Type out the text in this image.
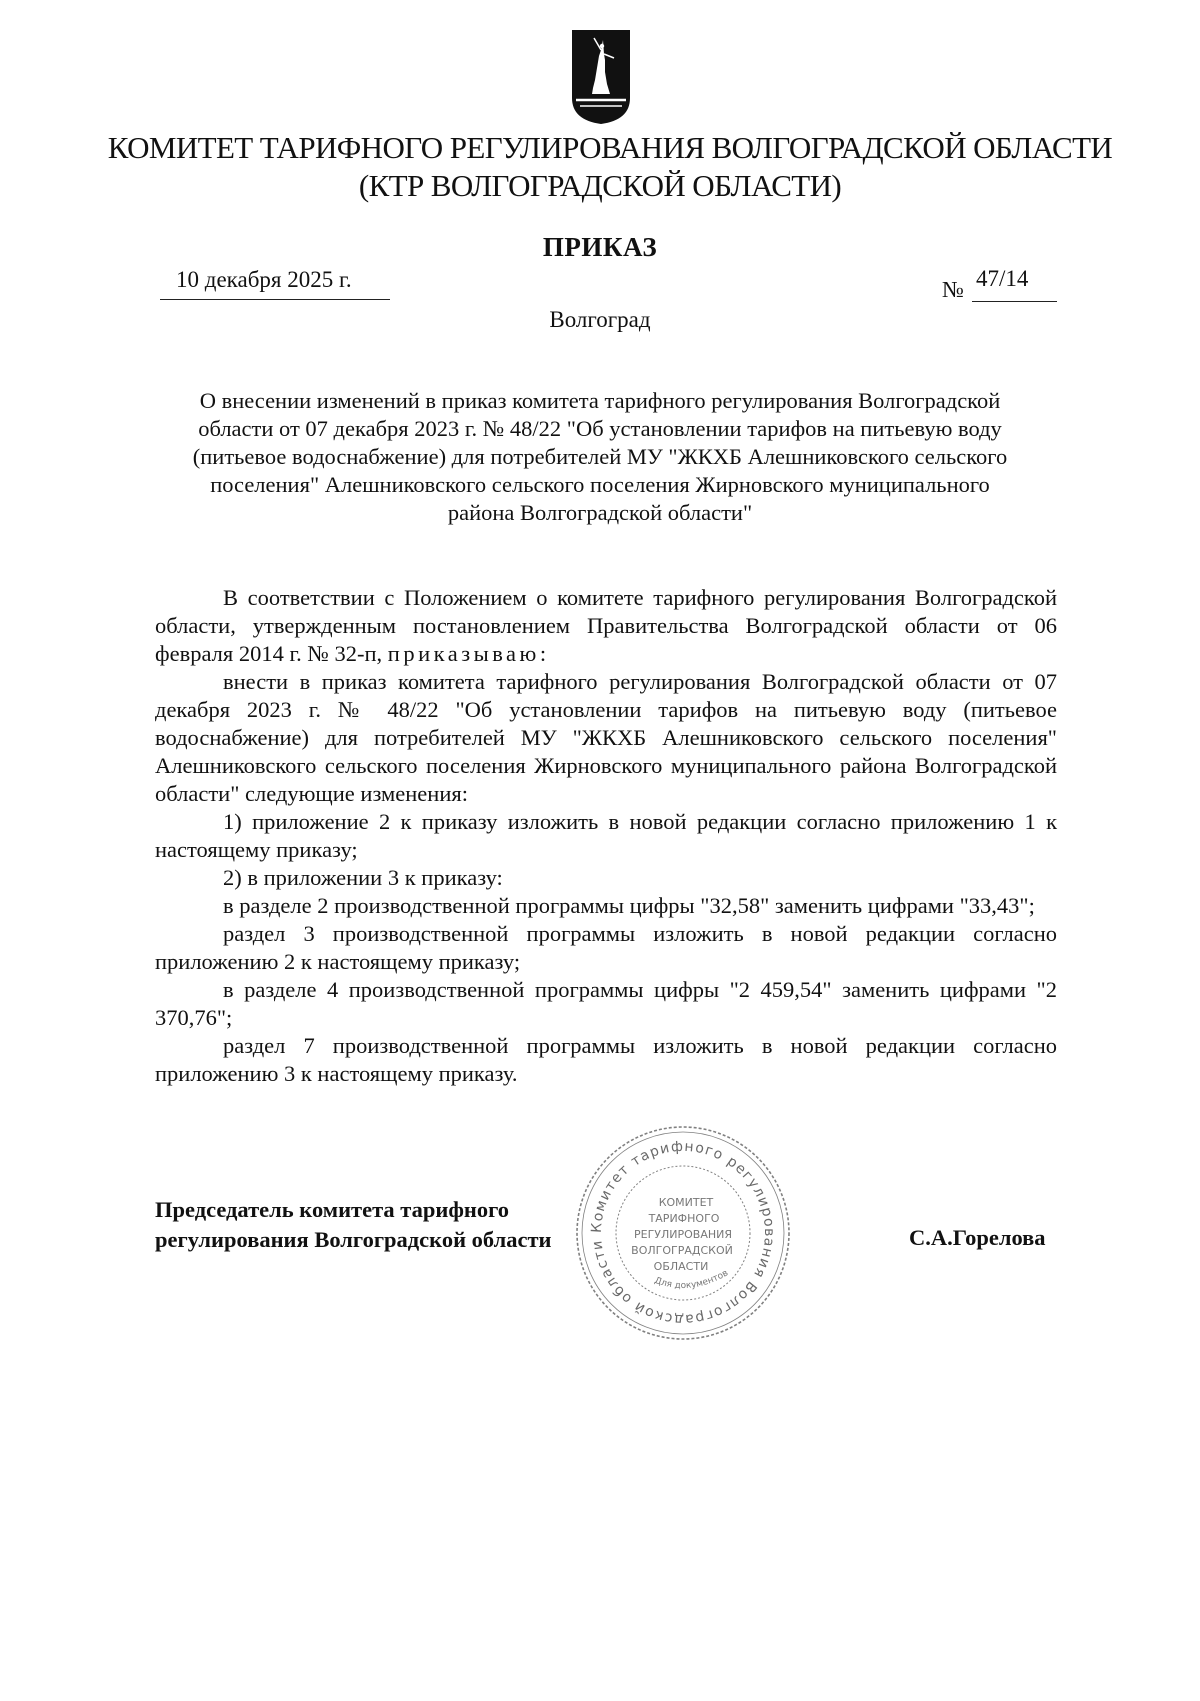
КОМИТЕТ ТАРИФНОГО РЕГУЛИРОВАНИЯ ВОЛГОГРАДСКОЙ ОБЛАСТИ
(КТР ВОЛГОГРАДСКОЙ ОБЛАСТИ)
ПРИКАЗ
10 декабря 2025 г.	№ 47/14
Волгоград
О внесении изменений в приказ комитета тарифного регулирования Волгоградской
области от 07 декабря 2023 г. № 48/22 "Об установлении тарифов на питьевую воду
(питьевое водоснабжение) для потребителей МУ "ЖКХБ Алешниковского сельского
поселения" Алешниковского сельского поселения Жирновского муниципального
района Волгоградской области"

В соответствии с Положением о комитете тарифного регулирования Волгоградской области, утвержденным постановлением Правительства Волгоградской области от 06 февраля 2014 г. № 32-п, приказываю:

внести в приказ комитета тарифного регулирования Волгоградской области от 07 декабря 2023 г. № 48/22 "Об установлении тарифов на питьевую воду (питьевое водоснабжение) для потребителей МУ "ЖКХБ Алешниковского сельского поселения" Алешниковского сельского поселения Жирновского муниципального района Волгоградской области" следующие изменения:

1) приложение 2 к приказу изложить в новой редакции согласно приложению 1 к настоящему приказу;

2) в приложении 3 к приказу:

в разделе 2 производственной программы цифры "32,58" заменить цифрами "33,43";

раздел 3 производственной программы изложить в новой редакции согласно приложению 2 к настоящему приказу;

в разделе 4 производственной программы цифры "2 459,54" заменить цифрами "2 370,76";

раздел 7 производственной программы изложить в новой редакции согласно приложению 3 к настоящему приказу.

Председатель комитета тарифного
регулирования Волгоградской области	С.А.Горелова
Комитет тарифного регулирования Волгоградской области
КОМИТЕТ
ТАРИФНОГО
РЕГУЛИРОВАНИЯ
ВОЛГОГРАДСКОЙ
ОБЛАСТИ
Для документов
